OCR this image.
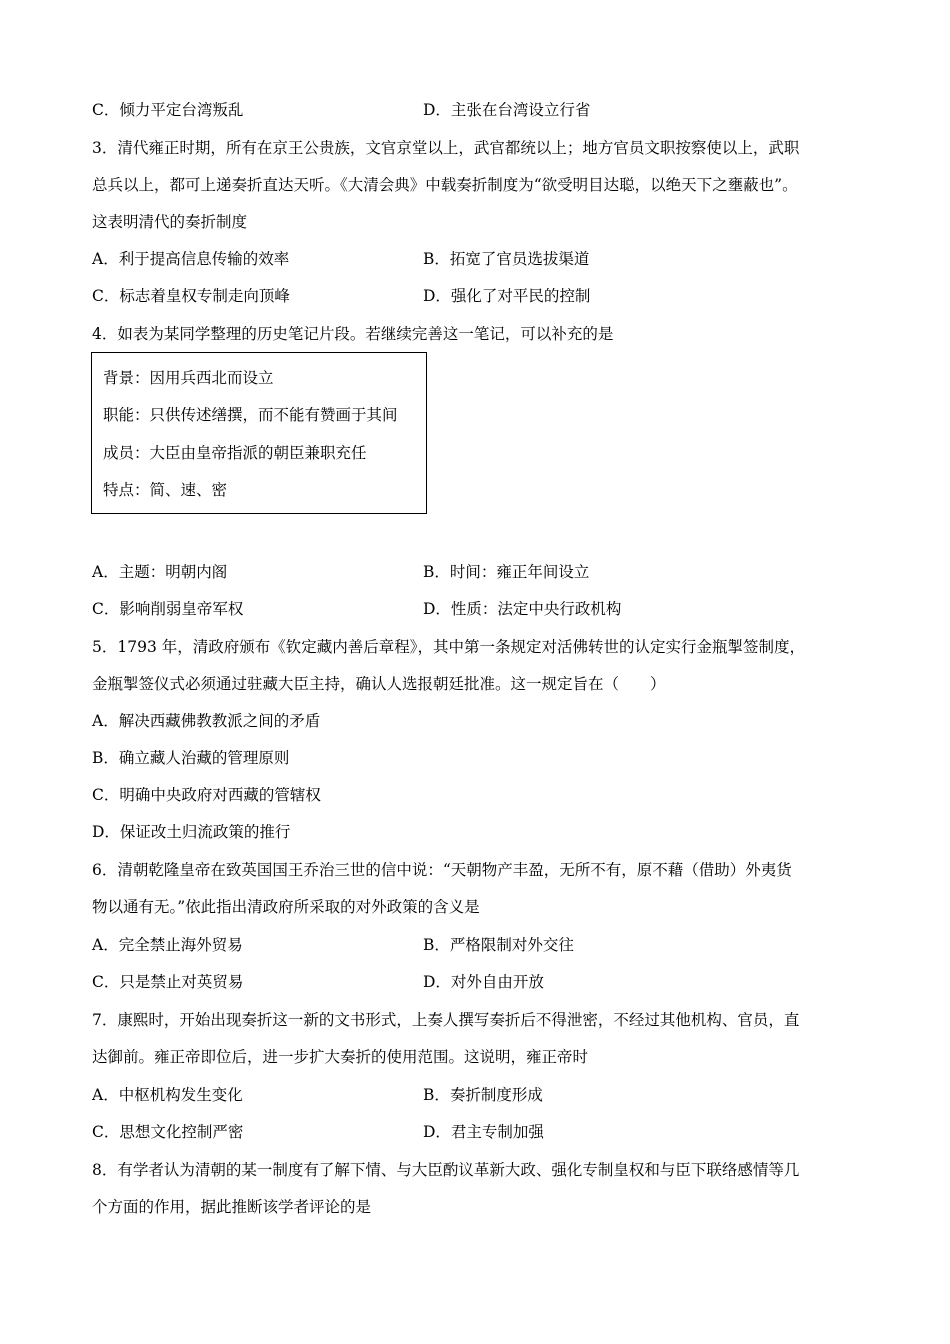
C．倾力平定台湾叛乱	D．主张在台湾设立行省
3．清代雍正时期，所有在京王公贵族，文官京堂以上，武官都统以上；地方官员文职按察使以上，武职
总兵以上，都可上递奏折直达天听。《大清会典》中载奏折制度为“欲受明目达聪，以绝天下之壅蔽也”。
这表明清代的奏折制度
A．利于提高信息传输的效率	B．拓宽了官员选拔渠道
C．标志着皇权专制走向顶峰	D．强化了对平民的控制
4．如表为某同学整理的历史笔记片段。若继续完善这一笔记，可以补充的是
背景：因用兵西北而设立
职能：只供传述缮撰，而不能有赞画于其间
成员：大臣由皇帝指派的朝臣兼职充任
特点：简、速、密
A．主题：明朝内阁	B．时间：雍正年间设立
C．影响削弱皇帝军权	D．性质：法定中央行政机构
5．1793 年，清政府颁布《钦定藏内善后章程》，其中第一条规定对活佛转世的认定实行金瓶掣签制度，
金瓶掣签仪式必须通过驻藏大臣主持，确认人选报朝廷批准。这一规定旨在（　　）
A．解决西藏佛教教派之间的矛盾
B．确立藏人治藏的管理原则
C．明确中央政府对西藏的管辖权
D．保证改土归流政策的推行
6．清朝乾隆皇帝在致英国国王乔治三世的信中说：“天朝物产丰盈，无所不有，原不藉（借助）外夷货
物以通有无。”依此指出清政府所采取的对外政策的含义是
A．完全禁止海外贸易	B．严格限制对外交往
C．只是禁止对英贸易	D．对外自由开放
7．康熙时，开始出现奏折这一新的文书形式，上奏人撰写奏折后不得泄密，不经过其他机构、官员，直
达御前。雍正帝即位后，进一步扩大奏折的使用范围。这说明，雍正帝时
A．中枢机构发生变化	B．奏折制度形成
C．思想文化控制严密	D．君主专制加强
8．有学者认为清朝的某一制度有了解下情、与大臣酌议革新大政、强化专制皇权和与臣下联络感情等几
个方面的作用，据此推断该学者评论的是
